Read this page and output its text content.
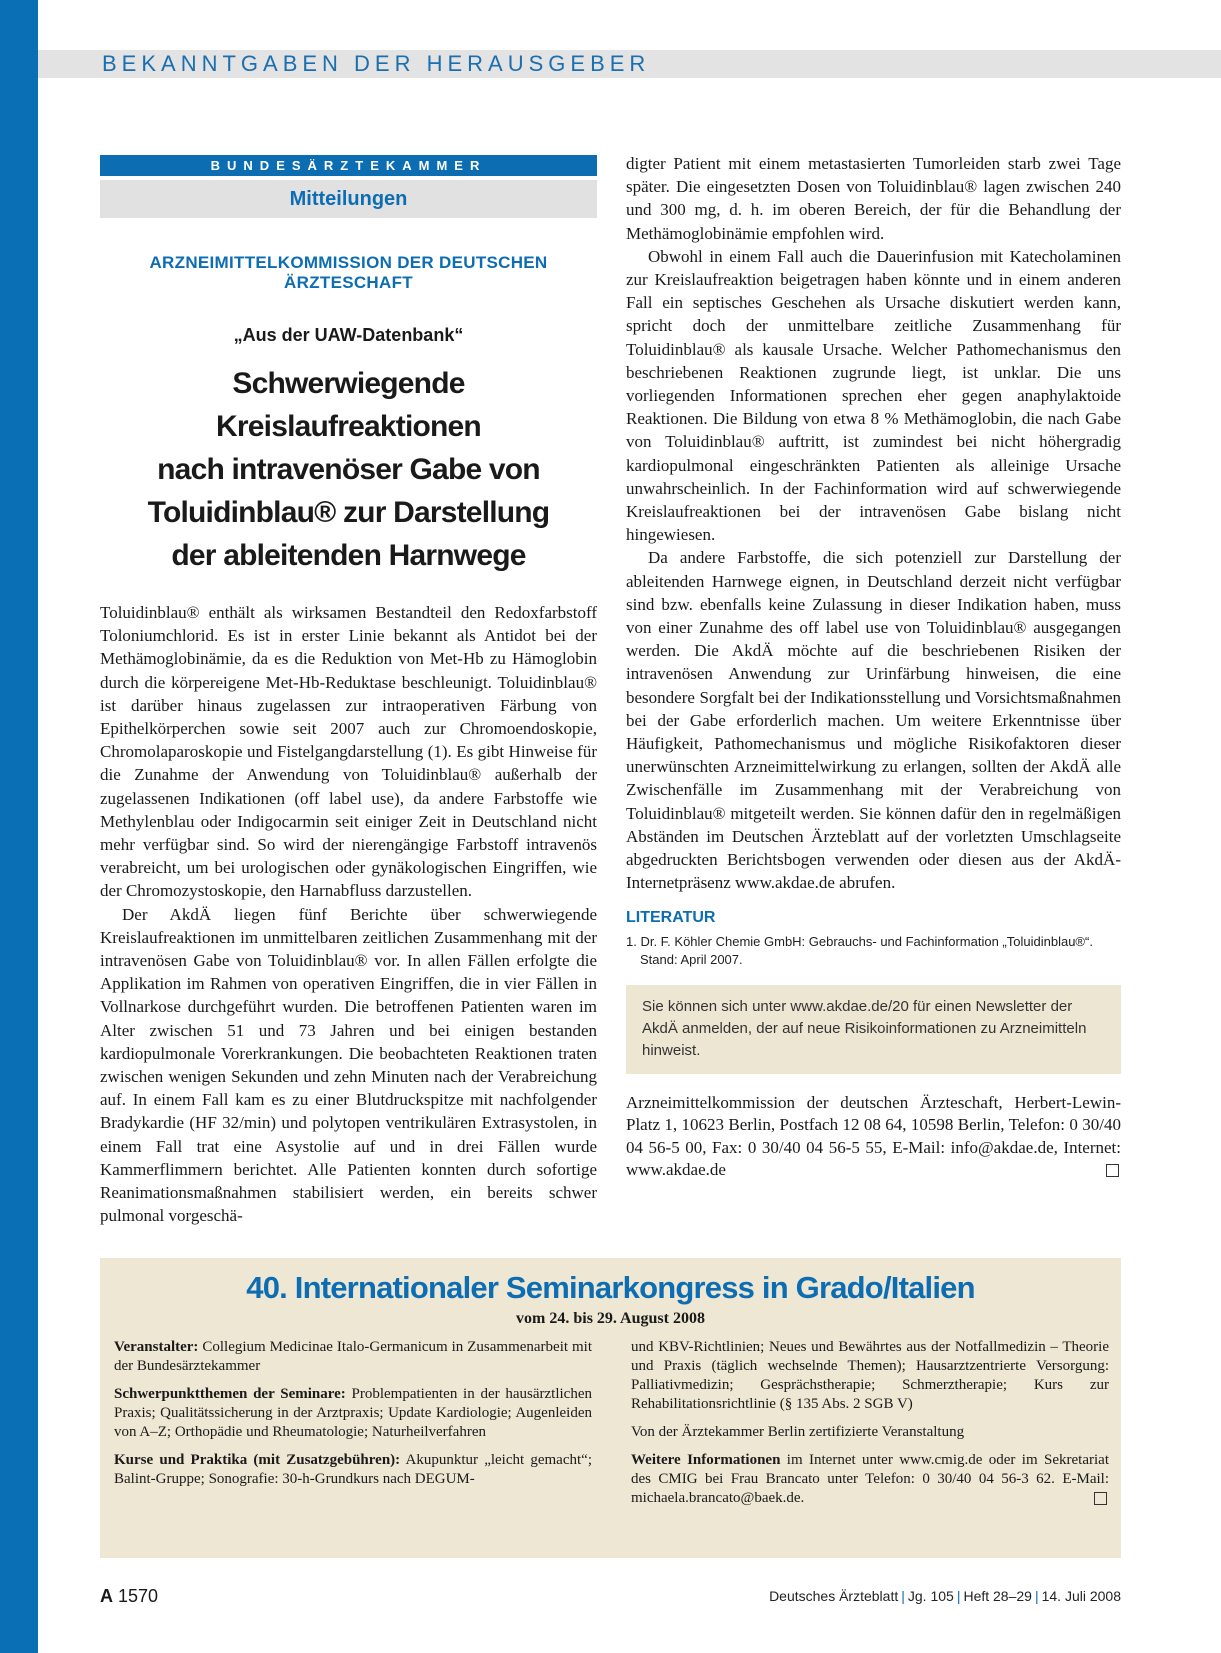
BEKANNTGABEN DER HERAUSGEBER
BUNDESÄRZTEKAMMER
Mitteilungen
ARZNEIMITTELKOMMISSION DER DEUTSCHEN ÄRZTESCHAFT
„Aus der UAW-Datenbank“
Schwerwiegende Kreislaufreaktionen
nach intravenöser Gabe von
Toluidinblau® zur Darstellung
der ableitenden Harnwege

Toluidinblau® enthält als wirksamen Bestandteil den Redoxfarbstoff Toloniumchlorid. Es ist in erster Linie bekannt als Antidot bei der Methämoglobinämie, da es die Reduktion von Met-Hb zu Hämoglobin durch die körpereigene Met-Hb-Reduktase beschleunigt. Toluidinblau® ist darüber hinaus zugelassen zur intraoperativen Färbung von Epithelkörperchen sowie seit 2007 auch zur Chromoendoskopie, Chromolaparoskopie und Fistelgangdarstellung (1). Es gibt Hinweise für die Zunahme der Anwendung von Toluidinblau® außerhalb der zugelassenen Indikationen (off label use), da andere Farbstoffe wie Methylenblau oder Indigocarmin seit einiger Zeit in Deutschland nicht mehr verfügbar sind. So wird der nierengängige Farbstoff intravenös verabreicht, um bei urologischen oder gynäkologischen Eingriffen, wie der Chromozystoskopie, den Harnabfluss darzustellen.

Der AkdÄ liegen fünf Berichte über schwerwiegende Kreislaufreaktionen im unmittelbaren zeitlichen Zusammenhang mit der intravenösen Gabe von Toluidinblau® vor. In allen Fällen erfolgte die Applikation im Rahmen von operativen Eingriffen, die in vier Fällen in Vollnarkose durchgeführt wurden. Die betroffenen Patienten waren im Alter zwischen 51 und 73 Jahren und bei einigen bestanden kardiopulmonale Vorerkrankungen. Die beobachteten Reaktionen traten zwischen wenigen Sekunden und zehn Minuten nach der Verabreichung auf. In einem Fall kam es zu einer Blutdruckspitze mit nachfolgender Bradykardie (HF 32/min) und polytopen ventrikulären Extrasystolen, in einem Fall trat eine Asystolie auf und in drei Fällen wurde Kammerflimmern berichtet. Alle Patienten konnten durch sofortige Reanimationsmaßnahmen stabilisiert werden, ein bereits schwer pulmonal vorgeschä-

digter Patient mit einem metastasierten Tumorleiden starb zwei Tage später. Die eingesetzten Dosen von Toluidinblau® lagen zwischen 240 und 300 mg, d. h. im oberen Bereich, der für die Behandlung der Methämoglobinämie empfohlen wird.

Obwohl in einem Fall auch die Dauerinfusion mit Katecholaminen zur Kreislaufreaktion beigetragen haben könnte und in einem anderen Fall ein septisches Geschehen als Ursache diskutiert werden kann, spricht doch der unmittelbare zeitliche Zusammenhang für Toluidinblau® als kausale Ursache. Welcher Pathomechanismus den beschriebenen Reaktionen zugrunde liegt, ist unklar. Die uns vorliegenden Informationen sprechen eher gegen anaphylaktoide Reaktionen. Die Bildung von etwa 8 % Methämoglobin, die nach Gabe von Toluidinblau® auftritt, ist zumindest bei nicht höhergradig kardiopulmonal eingeschränkten Patienten als alleinige Ursache unwahrscheinlich. In der Fachinformation wird auf schwerwiegende Kreislaufreaktionen bei der intravenösen Gabe bislang nicht hingewiesen.

Da andere Farbstoffe, die sich potenziell zur Darstellung der ableitenden Harnwege eignen, in Deutschland derzeit nicht verfügbar sind bzw. ebenfalls keine Zulassung in dieser Indikation haben, muss von einer Zunahme des off label use von Toluidinblau® ausgegangen werden. Die AkdÄ möchte auf die beschriebenen Risiken der intravenösen Anwendung zur Urinfärbung hinweisen, die eine besondere Sorgfalt bei der Indikationsstellung und Vorsichtsmaßnahmen bei der Gabe erforderlich machen. Um weitere Erkenntnisse über Häufigkeit, Pathomechanismus und mögliche Risikofaktoren dieser unerwünschten Arzneimittelwirkung zu erlangen, sollten der AkdÄ alle Zwischenfälle im Zusammenhang mit der Verabreichung von Toluidinblau® mitgeteilt werden. Sie können dafür den in regelmäßigen Abständen im Deutschen Ärzteblatt auf der vorletzten Umschlagseite abgedruckten Berichtsbogen verwenden oder diesen aus der AkdÄ-Internetpräsenz www.akdae.de abrufen.

LITERATUR
1. Dr. F. Köhler Chemie GmbH: Gebrauchs- und Fachinformation „Toluidinblau®“. Stand: April 2007.
Sie können sich unter www.akdae.de/20 für einen Newsletter der AkdÄ anmelden, der auf neue Risikoinformationen zu Arzneimitteln hinweist.
Arzneimittelkommission der deutschen Ärzteschaft, Herbert-Lewin-Platz 1, 10623 Berlin, Postfach 12 08 64, 10598 Berlin, Telefon: 0 30/40 04 56-5 00, Fax: 0 30/40 04 56-5 55, E-Mail: info@akdae.de, Internet: www.akdae.de
40. Internationaler Seminarkongress in Grado/Italien
vom 24. bis 29. August 2008

Veranstalter: Collegium Medicinae Italo-Germanicum in Zusammenarbeit mit der Bundesärztekammer

Schwerpunktthemen der Seminare: Problempatienten in der hausärztlichen Praxis; Qualitätssicherung in der Arztpraxis; Update Kardiologie; Augenleiden von A–Z; Orthopädie und Rheumatologie; Naturheilverfahren

Kurse und Praktika (mit Zusatzgebühren): Akupunktur „leicht gemacht“; Balint-Gruppe; Sonografie: 30-h-Grundkurs nach DEGUM-

und KBV-Richtlinien; Neues und Bewährtes aus der Notfallmedizin – Theorie und Praxis (täglich wechselnde Themen); Hausarztzentrierte Versorgung: Palliativmedizin; Gesprächstherapie; Schmerztherapie; Kurs zur Rehabilitationsrichtlinie (§ 135 Abs. 2 SGB V)

Von der Ärztekammer Berlin zertifizierte Veranstaltung

Weitere Informationen im Internet unter www.cmig.de oder im Sekretariat des CMIG bei Frau Brancato unter Telefon: 0 30/40 04 56-3 62. E-Mail: michaela.brancato@baek.de.

A 1570	Deutsches Ärzteblatt | Jg. 105 | Heft 28–29 | 14. Juli 2008
